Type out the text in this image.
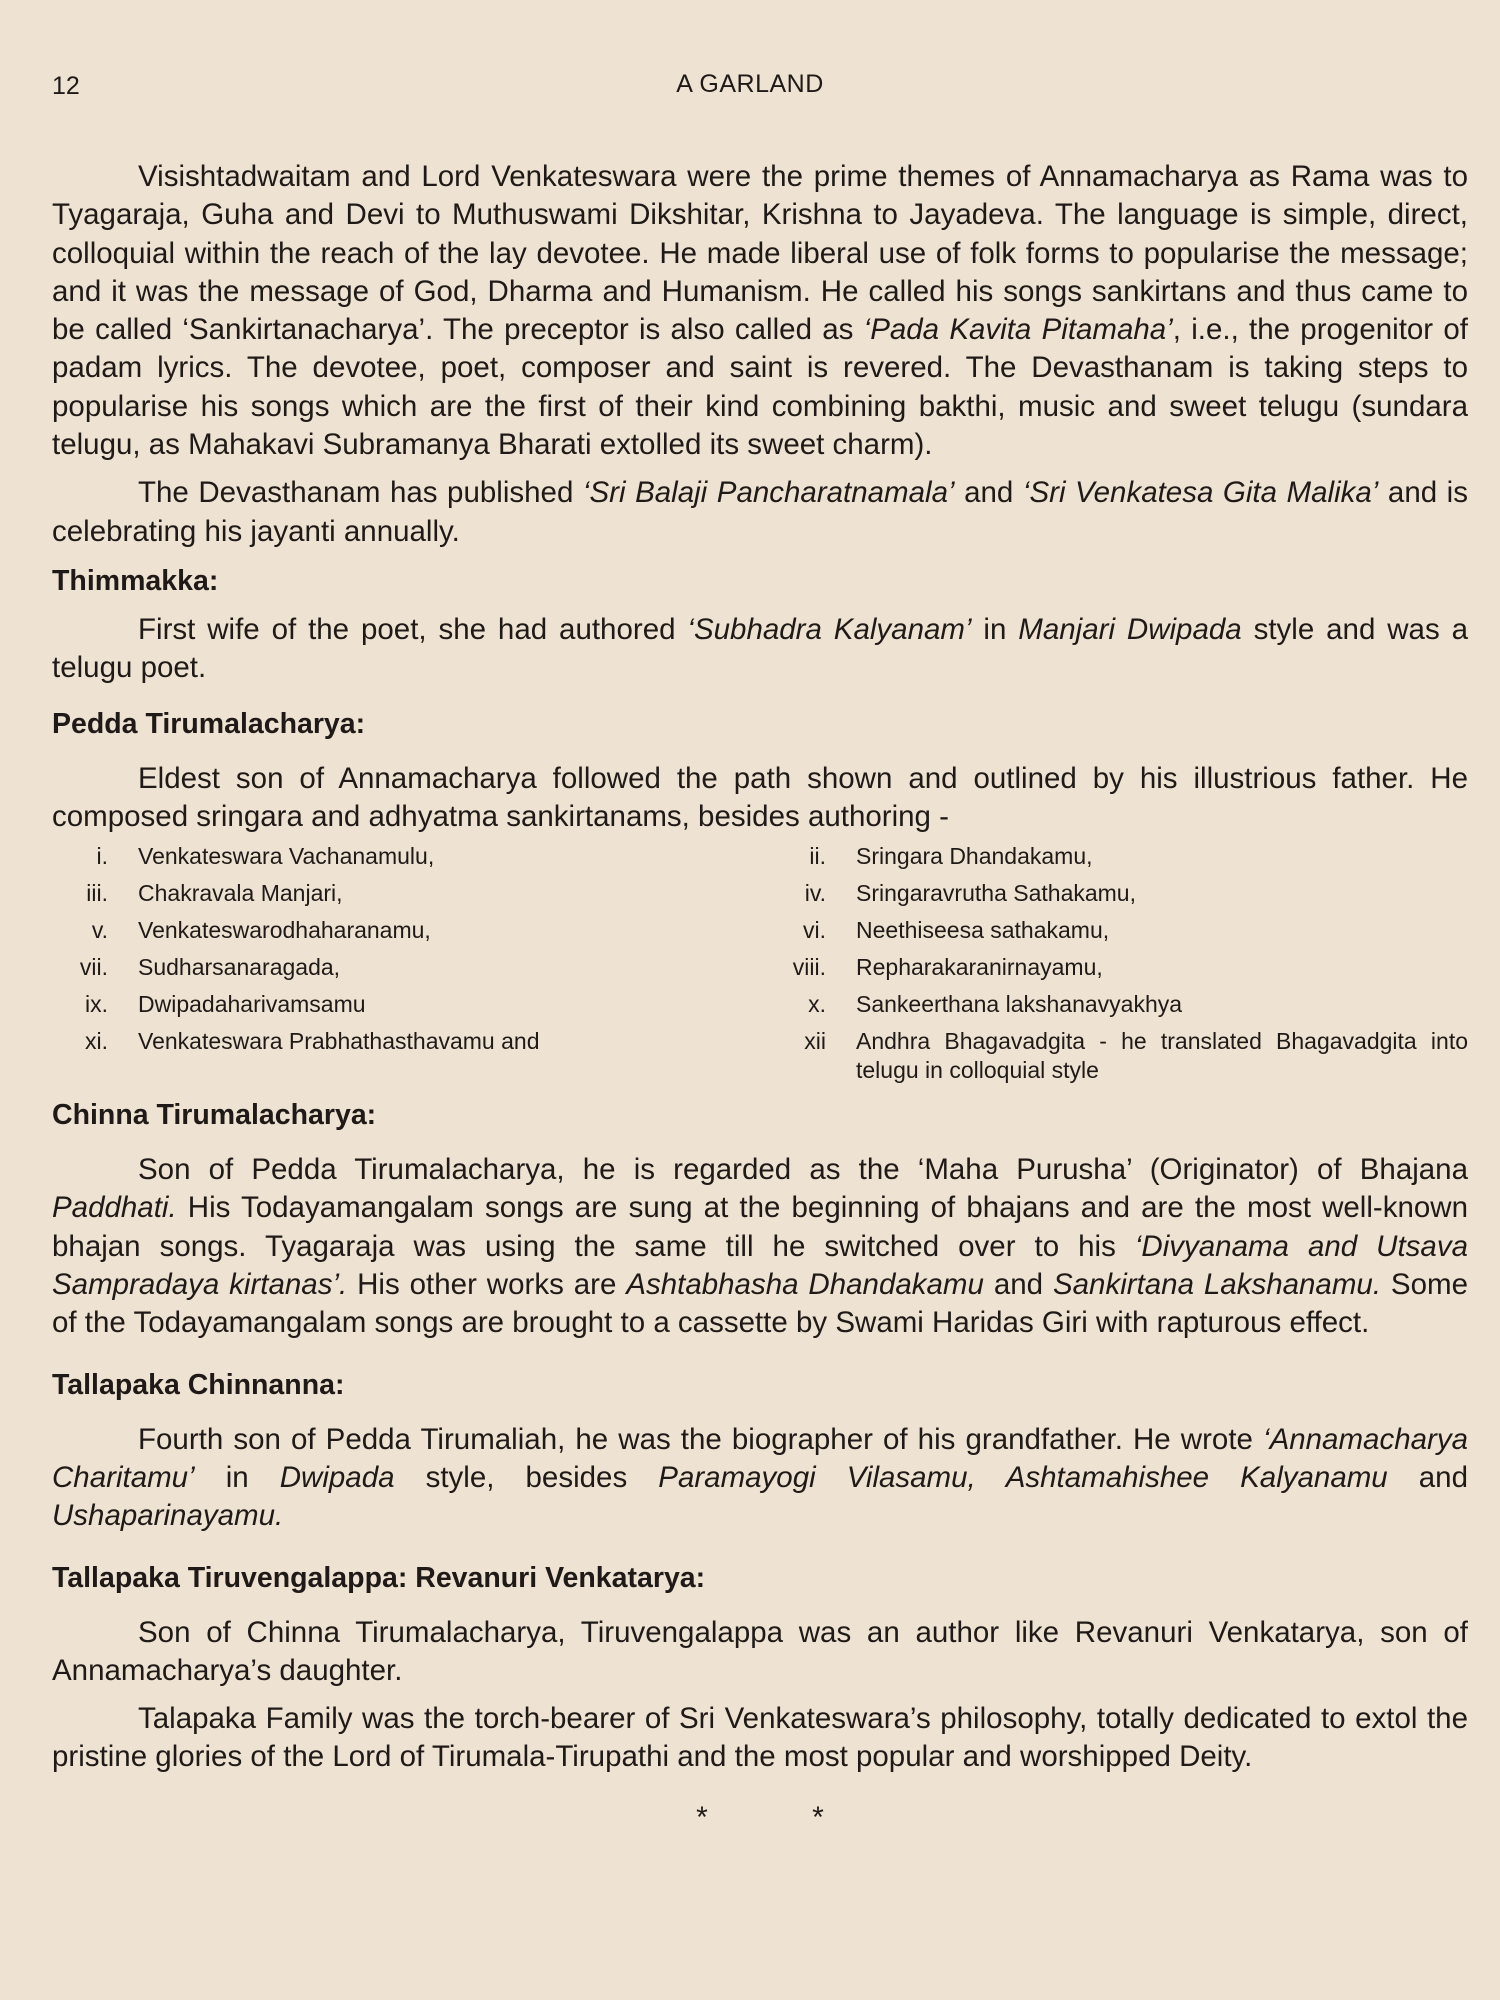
12	A GARLAND

Visishtadwaitam and Lord Venkateswara were the prime themes of Annamacharya as Rama was to Tyagaraja, Guha and Devi to Muthuswami Dikshitar, Krishna to Jayadeva. The language is simple, direct, colloquial within the reach of the lay devotee. He made liberal use of folk forms to popularise the message; and it was the message of God, Dharma and Humanism. He called his songs sankirtans and thus came to be called ‘Sankirtanacharya’. The preceptor is also called as ‘Pada Kavita Pitamaha’, i.e., the progenitor of padam lyrics. The devotee, poet, composer and saint is revered. The Devasthanam is taking steps to popularise his songs which are the first of their kind combining bakthi, music and sweet telugu (sundara telugu, as Mahakavi Subramanya Bharati extolled its sweet charm).

The Devasthanam has published ‘Sri Balaji Pancharatnamala’ and ‘Sri Venkatesa Gita Malika’ and is celebrating his jayanti annually.

Thimmakka:

First wife of the poet, she had authored ‘Subhadra Kalyanam’ in Manjari Dwipada style and was a telugu poet.

Pedda Tirumalacharya:

Eldest son of Annamacharya followed the path shown and outlined by his illustrious father. He composed sringara and adhyatma sankirtanams, besides authoring -

i.	Venkateswara Vachanamulu,	ii.	Sringara Dhandakamu,
iii.	Chakravala Manjari,	iv.	Sringaravrutha Sathakamu,
v.	Venkateswarodhaharanamu,	vi.	Neethiseesa sathakamu,
vii.	Sudharsanaragada,	viii.	Repharakaranirnayamu,
ix.	Dwipadaharivamsamu	x.	Sankeerthana lakshanavyakhya
xi.	Venkateswara Prabhathasthavamu and	xii	Andhra Bhagavadgita - he translated Bhagavadgita into telugu in colloquial style
Chinna Tirumalacharya:

Son of Pedda Tirumalacharya, he is regarded as the ‘Maha Purusha’ (Originator) of Bhajana Paddhati. His Todayamangalam songs are sung at the beginning of bhajans and are the most well-known bhajan songs. Tyagaraja was using the same till he switched over to his ‘Divyanama and Utsava Sampradaya kirtanas’. His other works are Ashtabhasha Dhandakamu and Sankirtana Lakshanamu. Some of the Todayamangalam songs are brought to a cassette by Swami Haridas Giri with rapturous effect.

Tallapaka Chinnanna:

Fourth son of Pedda Tirumaliah, he was the biographer of his grandfather. He wrote ‘Annamacharya Charitamu’ in Dwipada style, besides Paramayogi Vilasamu, Ashtamahishee Kalyanamu and Ushaparinayamu.

Tallapaka Tiruvengalappa: Revanuri Venkatarya:

Son of Chinna Tirumalacharya, Tiruvengalappa was an author like Revanuri Venkatarya, son of Annamacharya’s daughter.

Talapaka Family was the torch-bearer of Sri Venkateswara’s philosophy, totally dedicated to extol the pristine glories of the Lord of Tirumala-Tirupathi and the most popular and worshipped Deity.

* *
